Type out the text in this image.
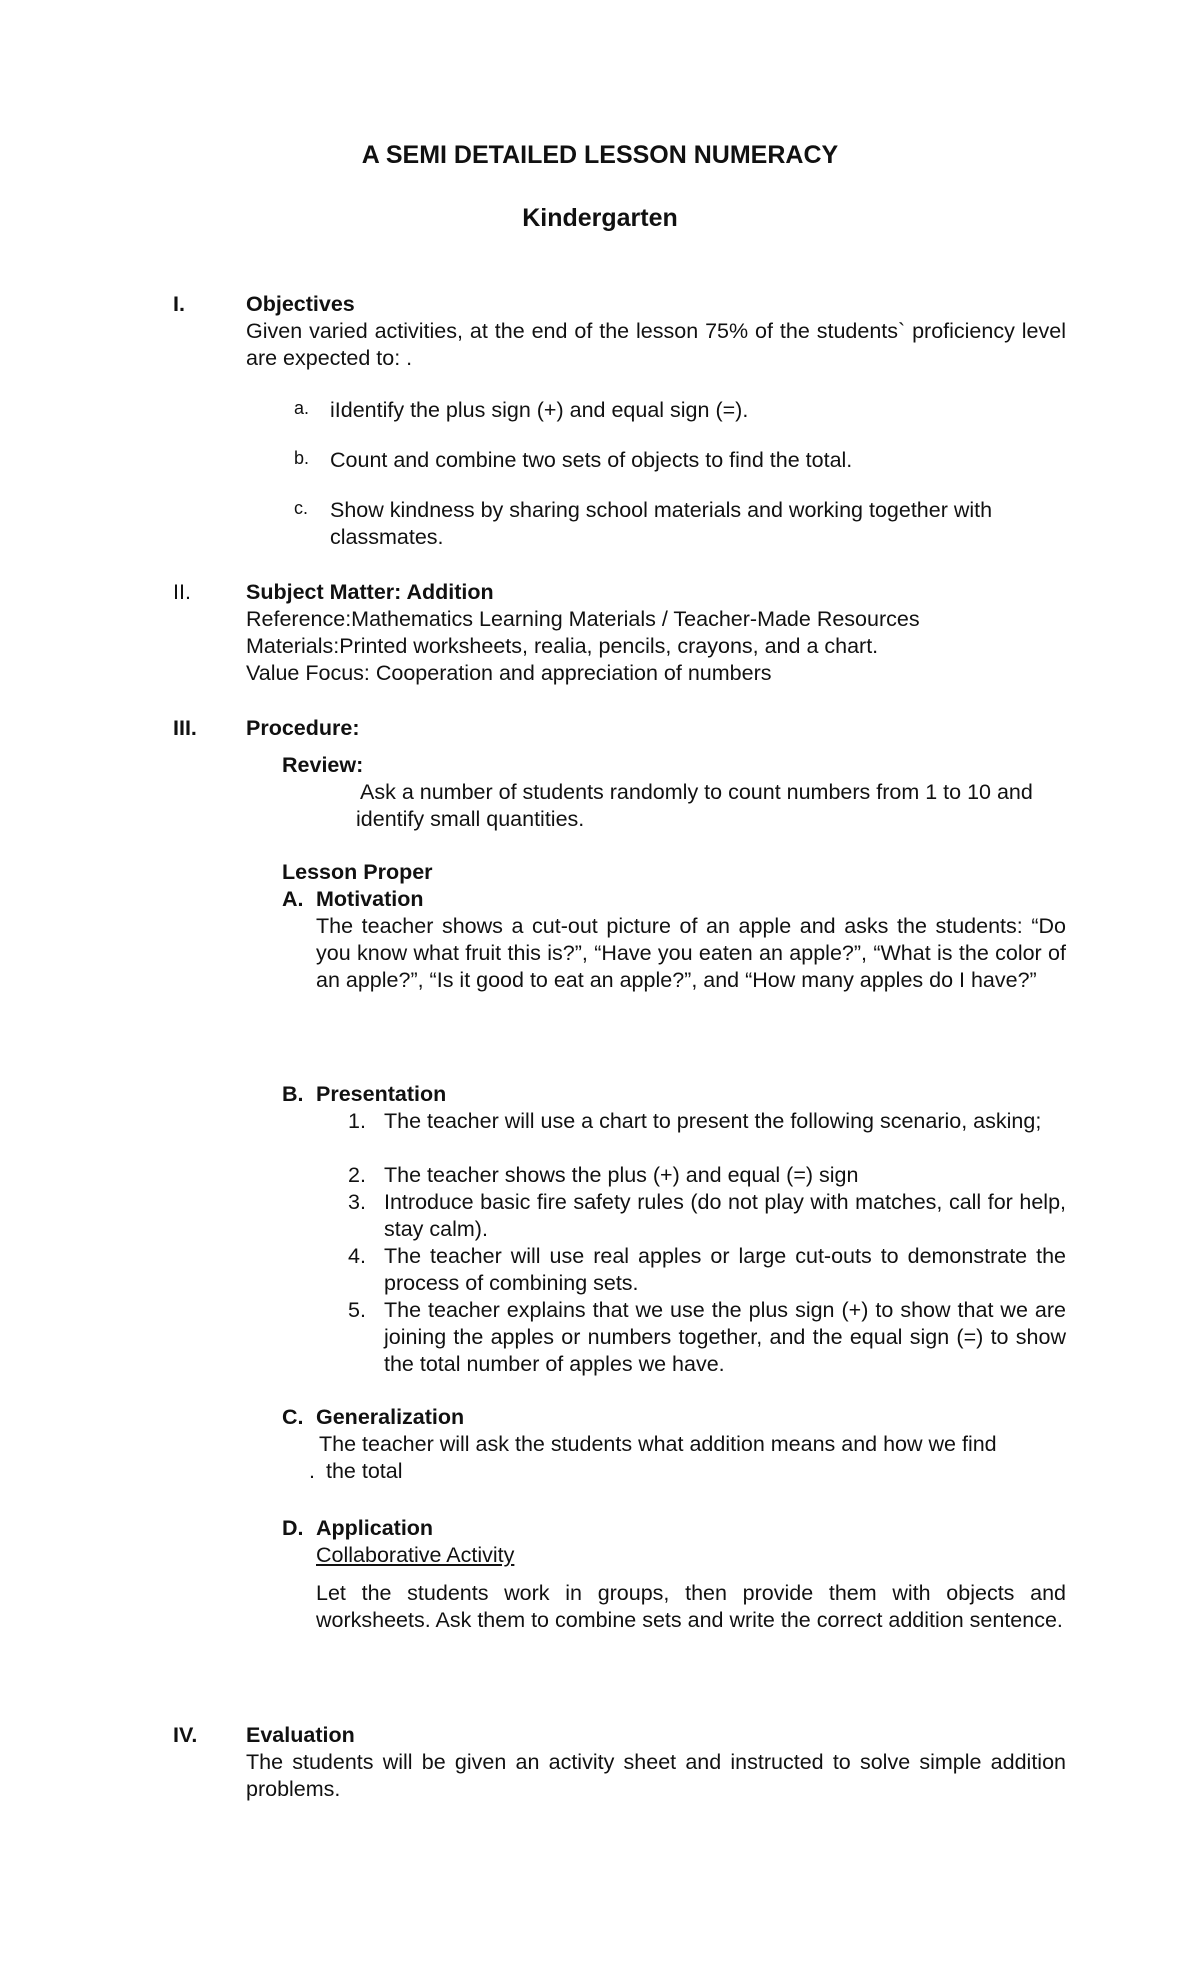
A SEMI DETAILED LESSON NUMERACY
Kindergarten
I.	Objectives
Given varied activities, at the end of the lesson 75% of the students` proficiency level are expected to: .
a. iIdentify the plus sign (+) and equal sign (=).
b. Count and combine two sets of objects to find the total.
c. Show kindness by sharing school materials and working together with classmates.
II.	Subject Matter: Addition
Reference:Mathematics Learning Materials / Teacher-Made Resources
Materials:Printed worksheets, realia, pencils, crayons, and a chart.
Value Focus: Cooperation and appreciation of numbers
III. Procedure:
Review:
Ask a number of students randomly to count numbers from 1 to 10 and identify small quantities.
Lesson Proper
A. Motivation
The teacher shows a cut-out picture of an apple and asks the students: “Do you know what fruit this is?”, “Have you eaten an apple?”, “What is the color of an apple?”, “Is it good to eat an apple?”, and “How many apples do I have?”
B. Presentation
1. The teacher will use a chart to present the following scenario, asking;
2. The teacher shows the plus (+) and equal (=) sign
3. Introduce basic fire safety rules (do not play with matches, call for help, stay calm).
4. The teacher will use real apples or large cut-outs to demonstrate the process of combining sets.
5. The teacher explains that we use the plus sign (+) to show that we are joining the apples or numbers together, and the equal sign (=) to show the total number of apples we have.
C. Generalization
The teacher will ask the students what addition means and how we find
. the total
D. Application
Collaborative Activity
Let the students work in groups, then provide them with objects and worksheets. Ask them to combine sets and write the correct addition sentence.
IV. Evaluation
The students will be given an activity sheet and instructed to solve simple addition problems.
